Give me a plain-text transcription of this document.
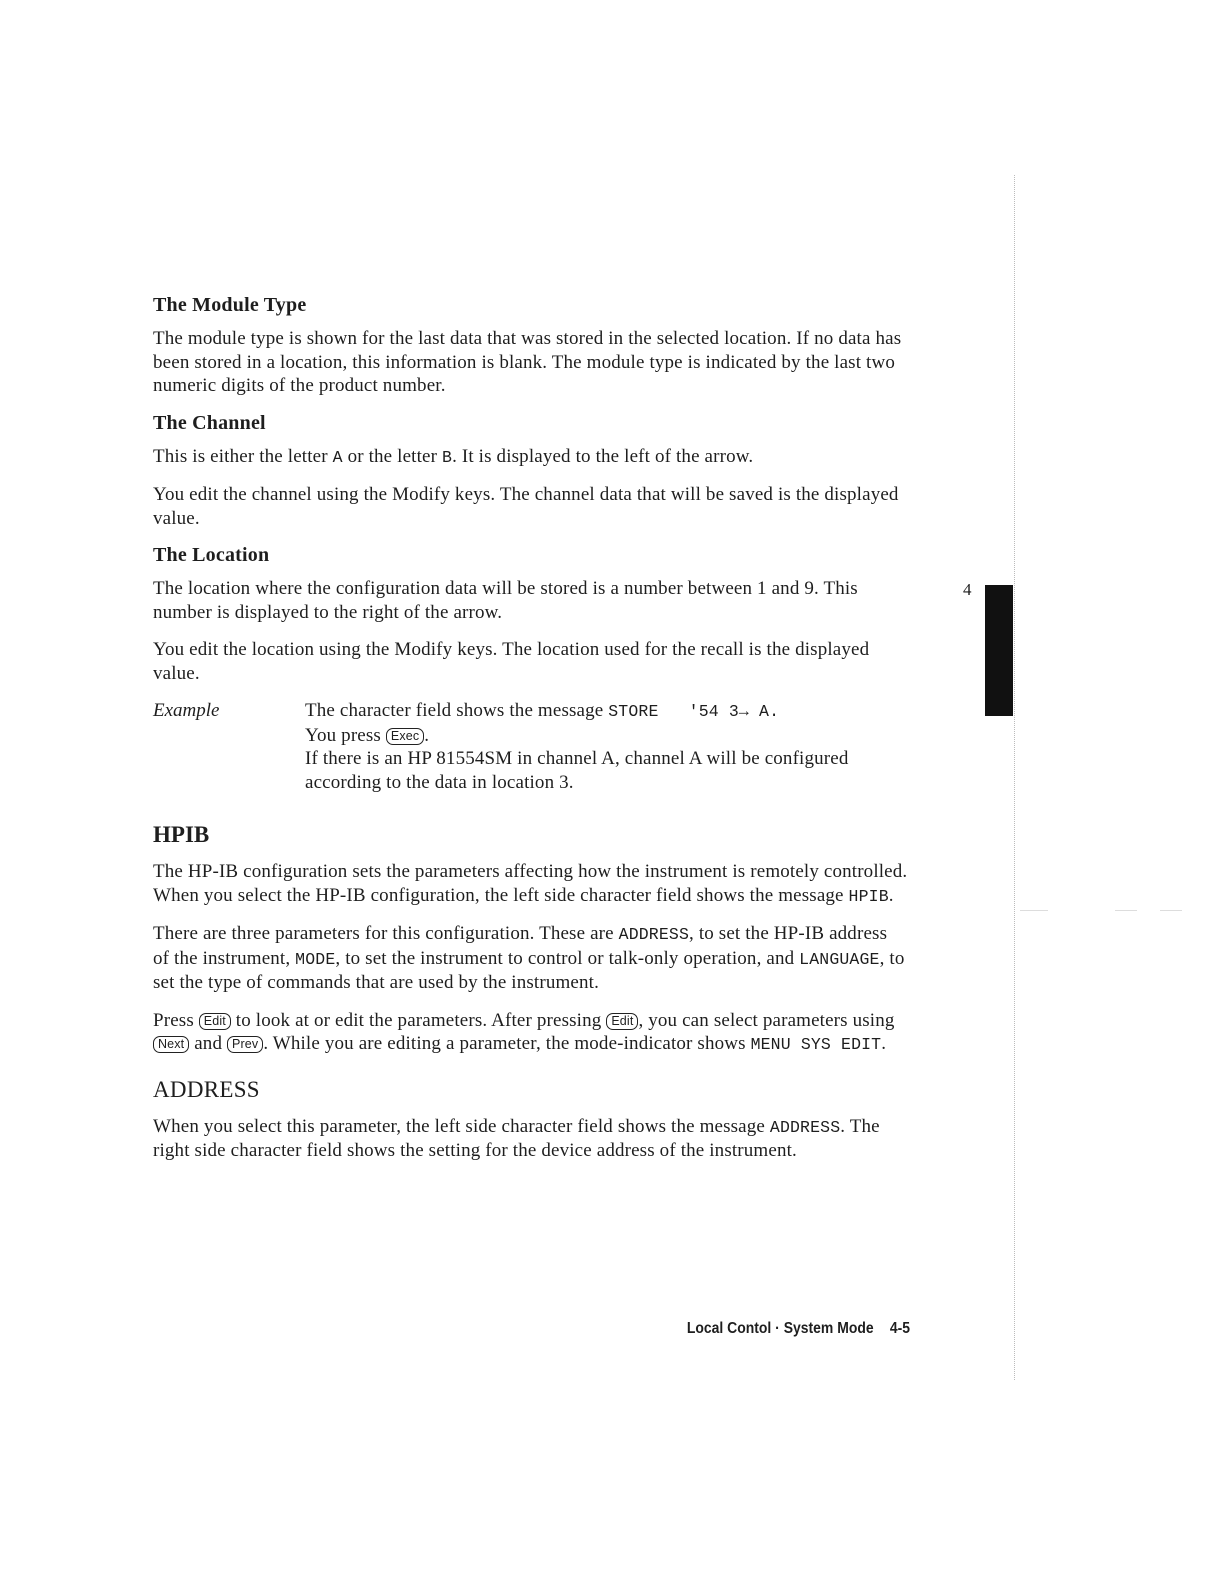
4
The Module Type

The module type is shown for the last data that was stored in the selected location. If no data has been stored in a location, this information is blank. The module type is indicated by the last two numeric digits of the product number.

The Channel

This is either the letter A or the letter B. It is displayed to the left of the arrow.

You edit the channel using the Modify keys. The channel data that will be saved is the displayed value.

The Location

The location where the configuration data will be stored is a number between 1 and 9. This number is displayed to the right of the arrow.

You edit the location using the Modify keys. The location used for the recall is the displayed value.

Example	The character field shows the message STORE   '54 3→ A.

You press Exec .

If there is an HP 81554SM in channel A, channel A will be configured according to the data in location 3.

HPIB

The HP-IB configuration sets the parameters affecting how the instrument is remotely controlled. When you select the HP-IB configuration, the left side character field shows the message HPIB.

There are three parameters for this configuration. These are ADDRESS, to set the HP-IB address of the instrument, MODE, to set the instrument to control or talk-only operation, and LANGUAGE, to set the type of commands that are used by the instrument.

Press Edit to look at or edit the parameters. After pressing Edit , you can select parameters using Next and Prev . While you are editing a parameter, the mode-indicator shows MENU SYS EDIT.

ADDRESS

When you select this parameter, the left side character field shows the message ADDRESS. The right side character field shows the setting for the device address of the instrument.

Local Contol · System Mode 4-5
